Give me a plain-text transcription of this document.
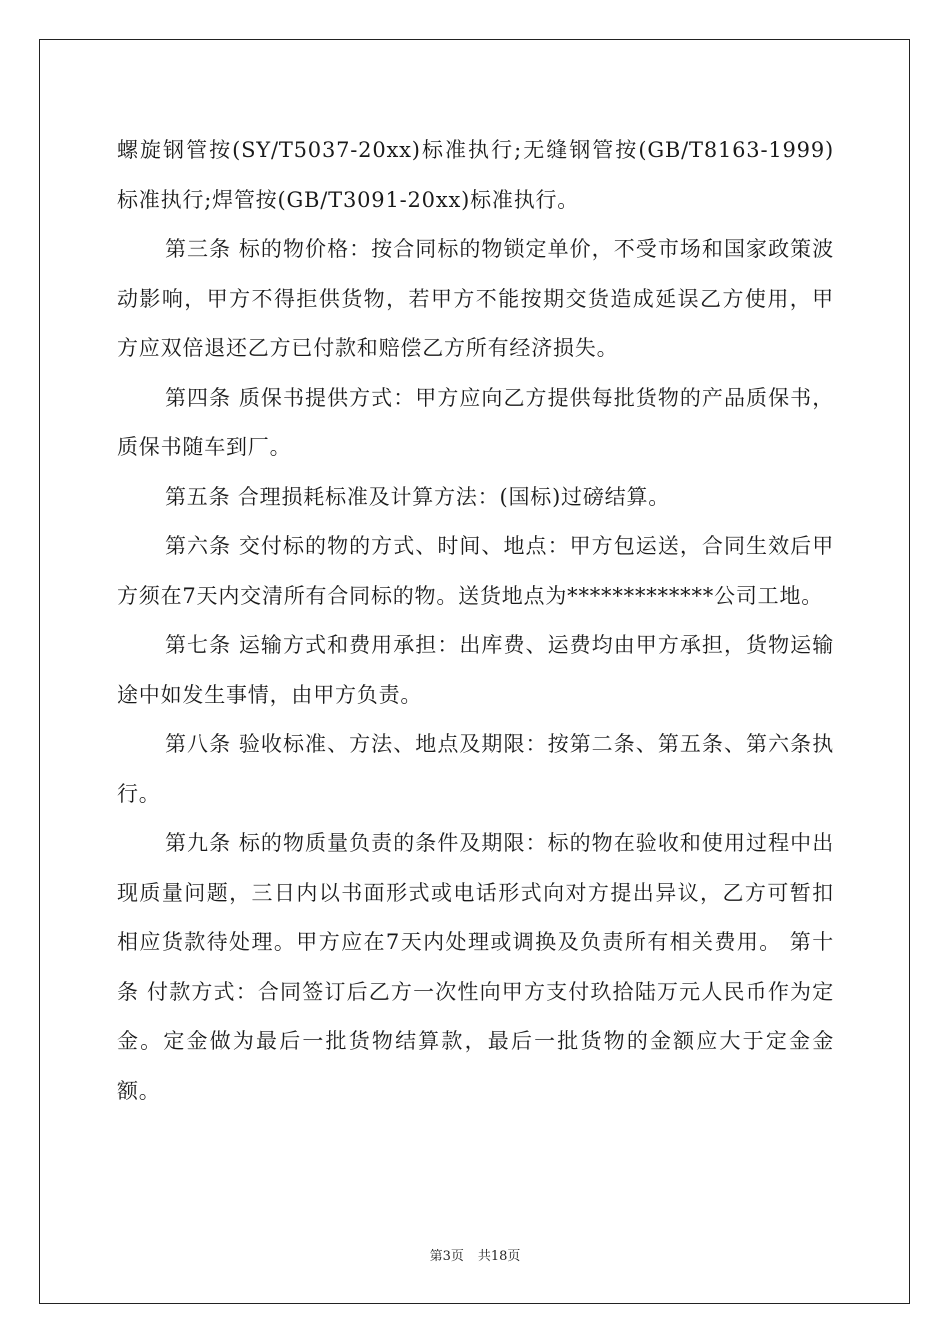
螺旋钢管按(SY/T5037-20xx)标准执行;无缝钢管按(GB/T8163-1999)标准执行;焊管按(GB/T3091-20xx)标准执行。

第三条 标的物价格：按合同标的物锁定单价，不受市场和国家政策波动影响，甲方不得拒供货物，若甲方不能按期交货造成延误乙方使用，甲方应双倍退还乙方已付款和赔偿乙方所有经济损失。

第四条 质保书提供方式：甲方应向乙方提供每批货物的产品质保书，质保书随车到厂。

第五条 合理损耗标准及计算方法：(国标)过磅结算。

第六条 交付标的物的方式、时间、地点：甲方包运送，合同生效后甲方须在7天内交清所有合同标的物。送货地点为*************公司工地。

第七条 运输方式和费用承担：出库费、运费均由甲方承担，货物运输途中如发生事情，由甲方负责。

第八条 验收标准、方法、地点及期限：按第二条、第五条、第六条执行。

第九条 标的物质量负责的条件及期限：标的物在验收和使用过程中出现质量问题，三日内以书面形式或电话形式向对方提出异议，乙方可暂扣相应货款待处理。甲方应在7天内处理或调换及负责所有相关费用。 第十条 付款方式：合同签订后乙方一次性向甲方支付玖拾陆万元人民币作为定金。定金做为最后一批货物结算款，最后一批货物的金额应大于定金金额。

第3页 共18页
